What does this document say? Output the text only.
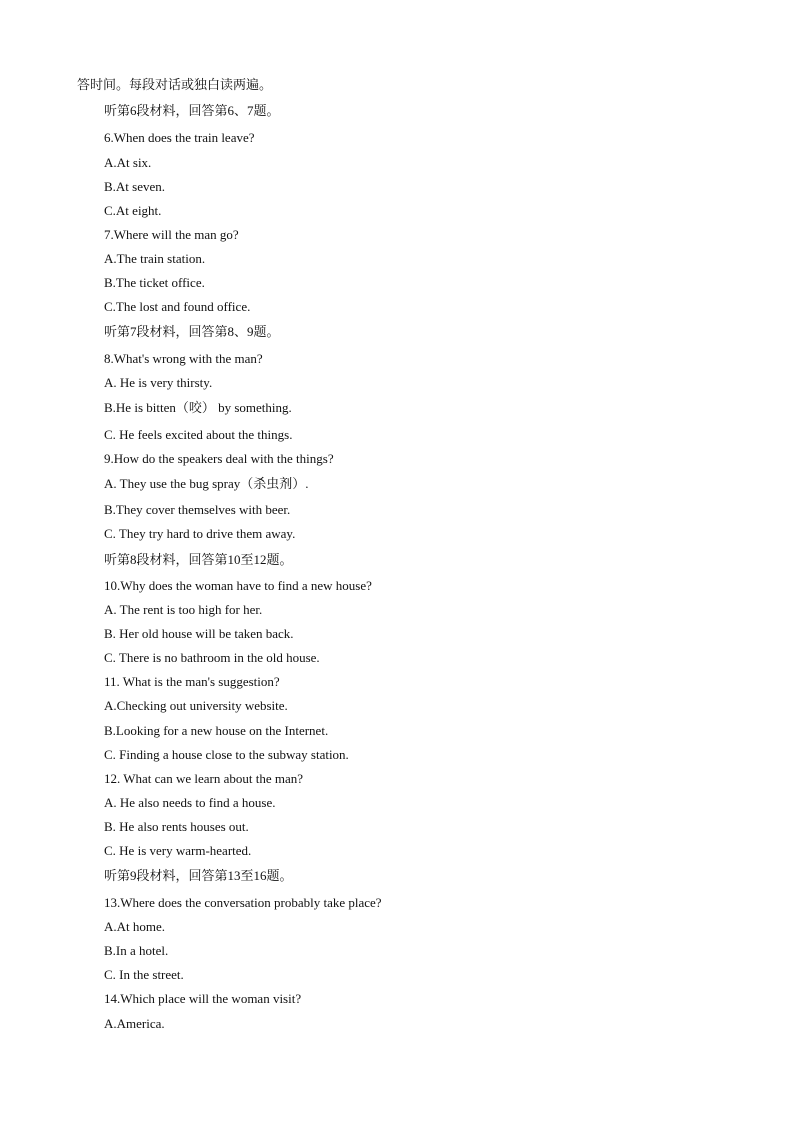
答时间。每段对话或独白读两遍。
听第6段材料，回答第6、7题。
6.When does the train leave?
A.At six.
B.At seven.
C.At eight.
7.Where will the man go?
A.The train station.
B.The ticket office.
C.The lost and found office.
听第7段材料，回答第8、9题。
8.What's wrong with the man?
A. He is very thirsty.
B.He is bitten（咬） by something.
C. He feels excited about the things.
9.How do the speakers deal with the things?
A. They use the bug spray（杀虫剂）.
B.They cover themselves with beer.
C. They try hard to drive them away.
听第8段材料，回答第10至12题。
10.Why does the woman have to find a new house?
A. The rent is too high for her.
B. Her old house will be taken back.
C. There is no bathroom in the old house.
11. What is the man's suggestion?
A.Checking out university website.
B.Looking for a new house on the Internet.
C. Finding a house close to the subway station.
12. What can we learn about the man?
A. He also needs to find a house.
B. He also rents houses out.
C. He is very warm-hearted.
听第9段材料，回答第13至16题。
13.Where does the conversation probably take place?
A.At home.
B.In a hotel.
C. In the street.
14.Which place will the woman visit?
A.America.
